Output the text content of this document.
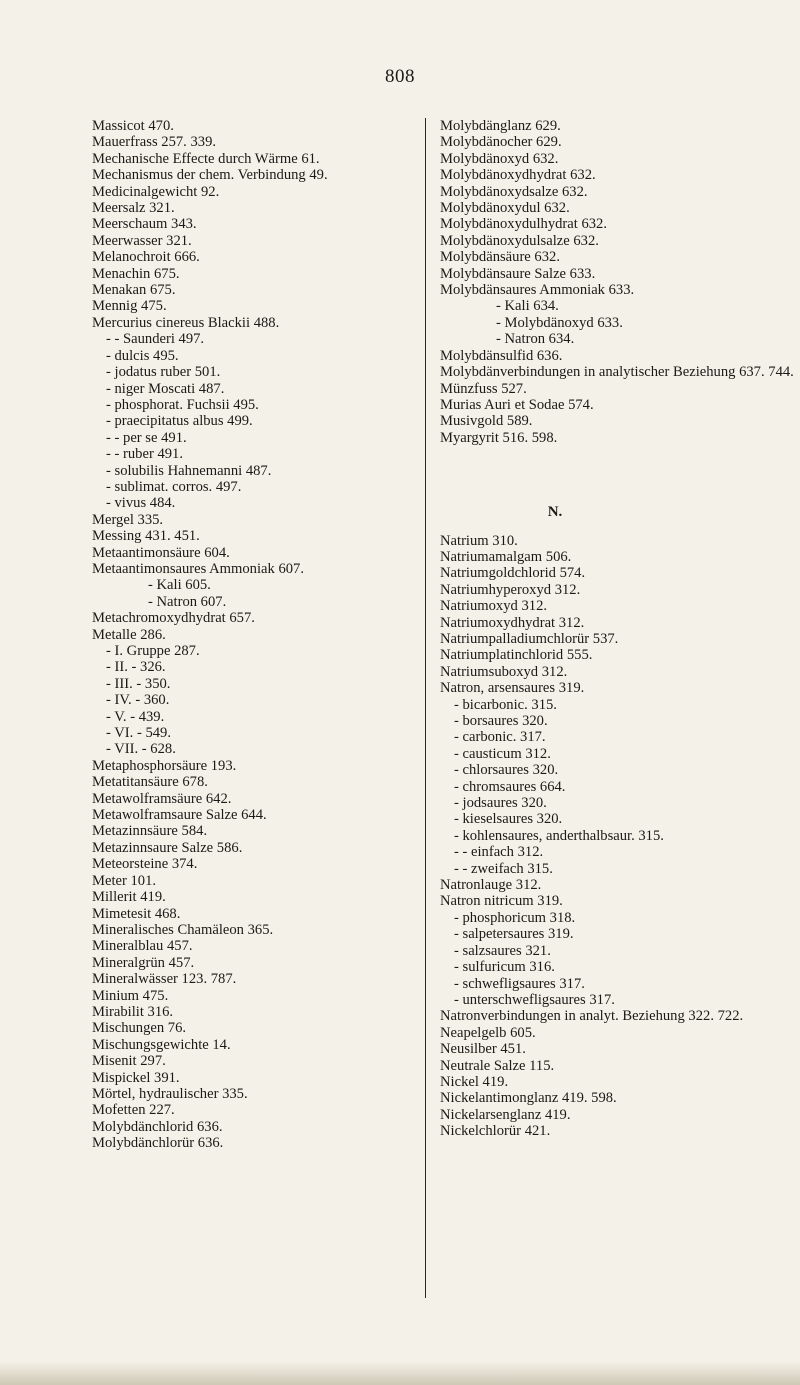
808

Massicot 470.

Mauerfrass 257. 339.

Mechanische Effecte durch Wärme 61.

Mechanismus der chem. Verbindung 49.

Medicinalgewicht 92.

Meersalz 321.

Meerschaum 343.

Meerwasser 321.

Melanochroit 666.

Menachin 675.

Menakan 675.

Mennig 475.

Mercurius cinereus Blackii 488.

- - Saunderi 497.

- dulcis 495.

- jodatus ruber 501.

- niger Moscati 487.

- phosphorat. Fuchsii 495.

- praecipitatus albus 499.

- - per se 491.

- - ruber 491.

- solubilis Hahnemanni 487.

- sublimat. corros. 497.

- vivus 484.

Mergel 335.

Messing 431. 451.

Metaantimonsäure 604.

Metaantimonsaures Ammoniak 607.

- Kali 605.

- Natron 607.

Metachromoxydhydrat 657.

Metalle 286.

- I. Gruppe 287.

- II. - 326.

- III. - 350.

- IV. - 360.

- V. - 439.

- VI. - 549.

- VII. - 628.

Metaphosphorsäure 193.

Metatitansäure 678.

Metawolframsäure 642.

Metawolframsaure Salze 644.

Metazinnsäure 584.

Metazinnsaure Salze 586.

Meteorsteine 374.

Meter 101.

Millerit 419.

Mimetesit 468.

Mineralisches Chamäleon 365.

Mineralblau 457.

Mineralgrün 457.

Mineralwässer 123. 787.

Minium 475.

Mirabilit 316.

Mischungen 76.

Mischungsgewichte 14.

Misenit 297.

Mispickel 391.

Mörtel, hydraulischer 335.

Mofetten 227.

Molybdänchlorid 636.

Molybdänchlorür 636.

Molybdänglanz 629.

Molybdänocher 629.

Molybdänoxyd 632.

Molybdänoxydhydrat 632.

Molybdänoxydsalze 632.

Molybdänoxydul 632.

Molybdänoxydulhydrat 632.

Molybdänoxydulsalze 632.

Molybdänsäure 632.

Molybdänsaure Salze 633.

Molybdänsaures Ammoniak 633.

- Kali 634.

- Molybdänoxyd 633.

- Natron 634.

Molybdänsulfid 636.

Molybdänverbindungen in analytischer Beziehung 637. 744.

Münzfuss 527.

Murias Auri et Sodae 574.

Musivgold 589.

Myargyrit 516. 598.

N.

Natrium 310.

Natriumamalgam 506.

Natriumgoldchlorid 574.

Natriumhyperoxyd 312.

Natriumoxyd 312.

Natriumoxydhydrat 312.

Natriumpalladiumchlorür 537.

Natriumplatinchlorid 555.

Natriumsuboxyd 312.

Natron, arsensaures 319.

- bicarbonic. 315.

- borsaures 320.

- carbonic. 317.

- causticum 312.

- chlorsaures 320.

- chromsaures 664.

- jodsaures 320.

- kieselsaures 320.

- kohlensaures, anderthalbsaur. 315.

- - einfach 312.

- - zweifach 315.

Natronlauge 312.

Natron nitricum 319.

- phosphoricum 318.

- salpetersaures 319.

- salzsaures 321.

- sulfuricum 316.

- schwefligsaures 317.

- unterschwefligsaures 317.

Natronverbindungen in analyt. Beziehung 322. 722.

Neapelgelb 605.

Neusilber 451.

Neutrale Salze 115.

Nickel 419.

Nickelantimonglanz 419. 598.

Nickelarsenglanz 419.

Nickelchlorür 421.
